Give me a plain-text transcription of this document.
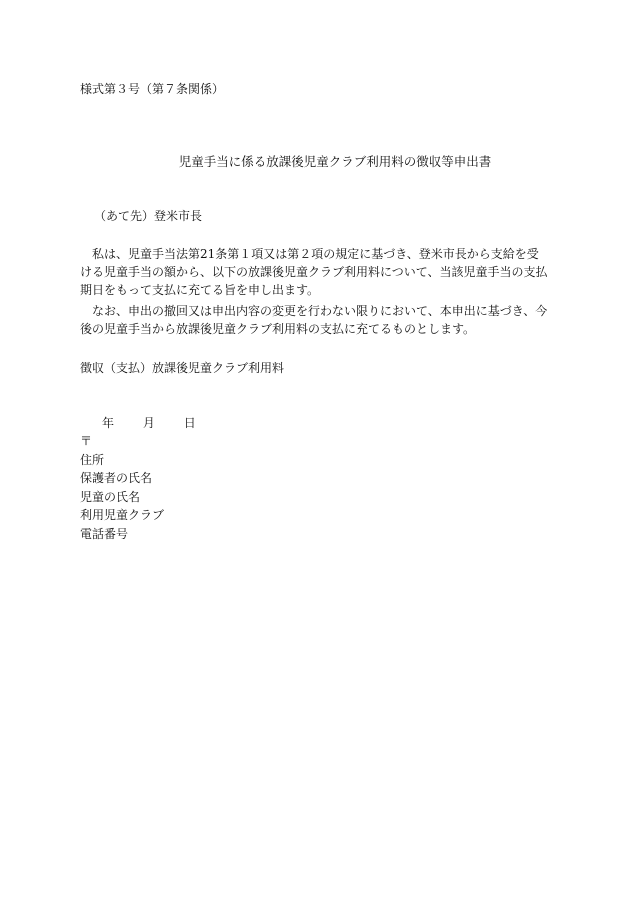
様式第３号（第７条関係）

児童手当に係る放課後児童クラブ利用料の徴収等申出書

（あて先）登米市長

私は、児童手当法第21条第１項又は第２項の規定に基づき、登米市長から支給を受ける児童手当の額から、以下の放課後児童クラブ利用料について、当該児童手当の支払期日をもって支払に充てる旨を申し出ます。

なお、申出の撤回又は申出内容の変更を行わない限りにおいて、本申出に基づき、今後の児童手当から放課後児童クラブ利用料の支払に充てるものとします。

徴収（支払）放課後児童クラブ利用料

年 月 日
〒
住所
保護者の氏名
児童の氏名
利用児童クラブ
電話番号
